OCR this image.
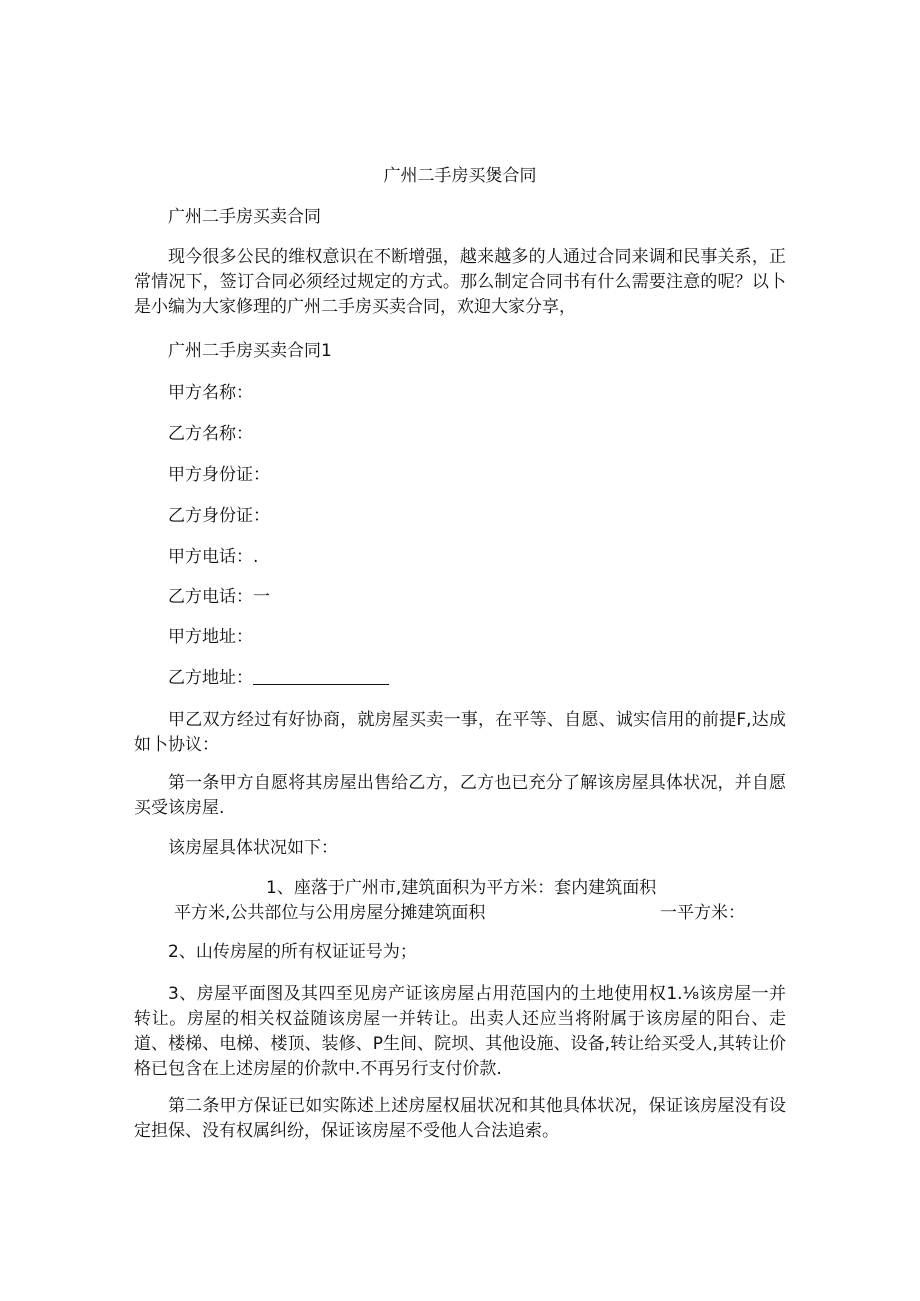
广州二手房买煲合同
广州二手房买卖合同
现今很多公民的维权意识在不断增强，越来越多的人通过合同来调和民事关系，正常情况下，签订合同必须经过规定的方式。那么制定合同书有什么需要注意的呢？以卜是小编为大家修理的广州二手房买卖合同，欢迎大家分享，
广州二手房买卖合同1
甲方名称：
乙方名称：
甲方身份证：
乙方身份证：
甲方电话：.
乙方电话：一
甲方地址：
乙方地址：
甲乙双方经过有好协商，就房屋买卖一事，在平等、自愿、诚实信用的前提F,达成如卜协议：
第一条甲方自愿将其房屋出售给乙方，乙方也已充分了解该房屋具体状况，并自愿买受该房屋.
该房屋具体状况如下：
1、座落于广州市,建筑面积为平方米：套内建筑面积
平方米,公共部位与公用房屋分摊建筑面积	一平方米：
2、山传房屋的所有权证证号为；
3、房屋平面图及其四至见房产证该房屋占用范国内的土地使用权1.⅛该房屋一并转让。房屋的相关权益随该房屋一并转让。出卖人还应当将附属于该房屋的阳台、走道、楼梯、电梯、楼顶、装修、P生间、院坝、其他设施、设备,转让给买受人,其转让价格已包含在上述房屋的价款中.不再另行支付价款.
第二条甲方保证已如实陈述上述房屋权届状况和其他具体状况，保证该房屋没有设定担保、没有权属纠纷，保证该房屋不受他人合法追索。
